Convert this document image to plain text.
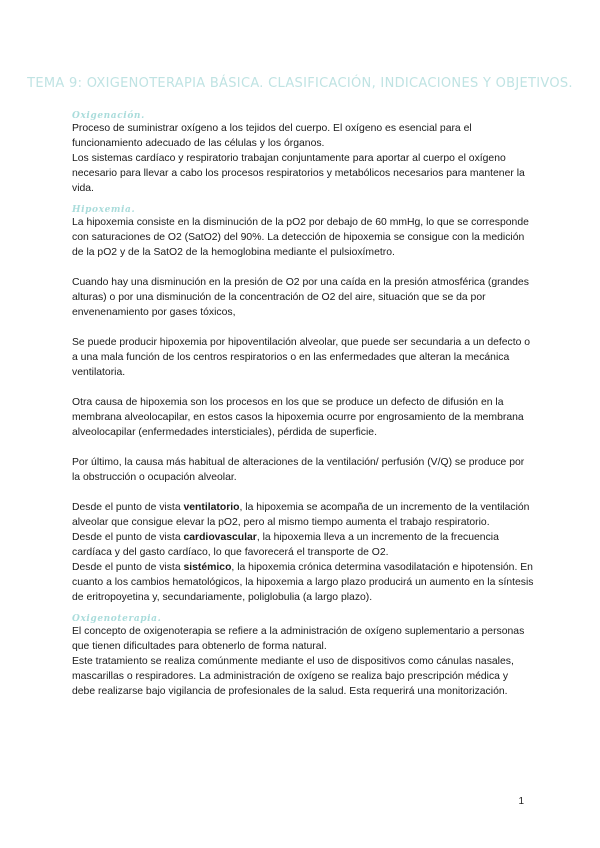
TEMA 9: OXIGENOTERAPIA BÁSICA. CLASIFICACIÓN, INDICACIONES Y OBJETIVOS.

Oxigenación.

Proceso de suministrar oxígeno a los tejidos del cuerpo. El oxígeno es esencial para el funcionamiento adecuado de las células y los órganos.

Los sistemas cardíaco y respiratorio trabajan conjuntamente para aportar al cuerpo el oxígeno necesario para llevar a cabo los procesos respiratorios y metabólicos necesarios para mantener la vida.

Hipoxemia.

La hipoxemia consiste en la disminución de la pO2 por debajo de 60 mmHg, lo que se corresponde con saturaciones de O2 (SatO2) del 90%. La detección de hipoxemia se consigue con la medición de la pO2 y de la SatO2 de la hemoglobina mediante el pulsioxímetro.

Cuando hay una disminución en la presión de O2 por una caída en la presión atmosférica (grandes alturas) o por una disminución de la concentración de O2 del aire, situación que se da por envenenamiento por gases tóxicos,

Se puede producir hipoxemia por hipoventilación alveolar, que puede ser secundaria a un defecto o a una mala función de los centros respiratorios o en las enfermedades que alteran la mecánica ventilatoria.

Otra causa de hipoxemia son los procesos en los que se produce un defecto de difusión en la membrana alveolocapilar, en estos casos la hipoxemia ocurre por engrosamiento de la membrana alveolocapilar (enfermedades intersticiales), pérdida de superficie.

Por último, la causa más habitual de alteraciones de la ventilación/ perfusión (V/Q) se produce por la obstrucción o ocupación alveolar.

Desde el punto de vista ventilatorio, la hipoxemia se acompaña de un incremento de la ventilación alveolar que consigue elevar la pO2, pero al mismo tiempo aumenta el trabajo respiratorio.

Desde el punto de vista cardiovascular, la hipoxemia lleva a un incremento de la frecuencia cardíaca y del gasto cardíaco, lo que favorecerá el transporte de O2.

Desde el punto de vista sistémico, la hipoxemia crónica determina vasodilatación e hipotensión. En cuanto a los cambios hematológicos, la hipoxemia a largo plazo producirá un aumento en la síntesis de eritropoyetina y, secundariamente, poliglobulia (a largo plazo).

Oxigenoterapia.

El concepto de oxigenoterapia se refiere a la administración de oxígeno suplementario a personas que tienen dificultades para obtenerlo de forma natural.

Este tratamiento se realiza comúnmente mediante el uso de dispositivos como cánulas nasales, mascarillas o respiradores. La administración de oxígeno se realiza bajo prescripción médica y debe realizarse bajo vigilancia de profesionales de la salud. Esta requerirá una monitorización.

1
